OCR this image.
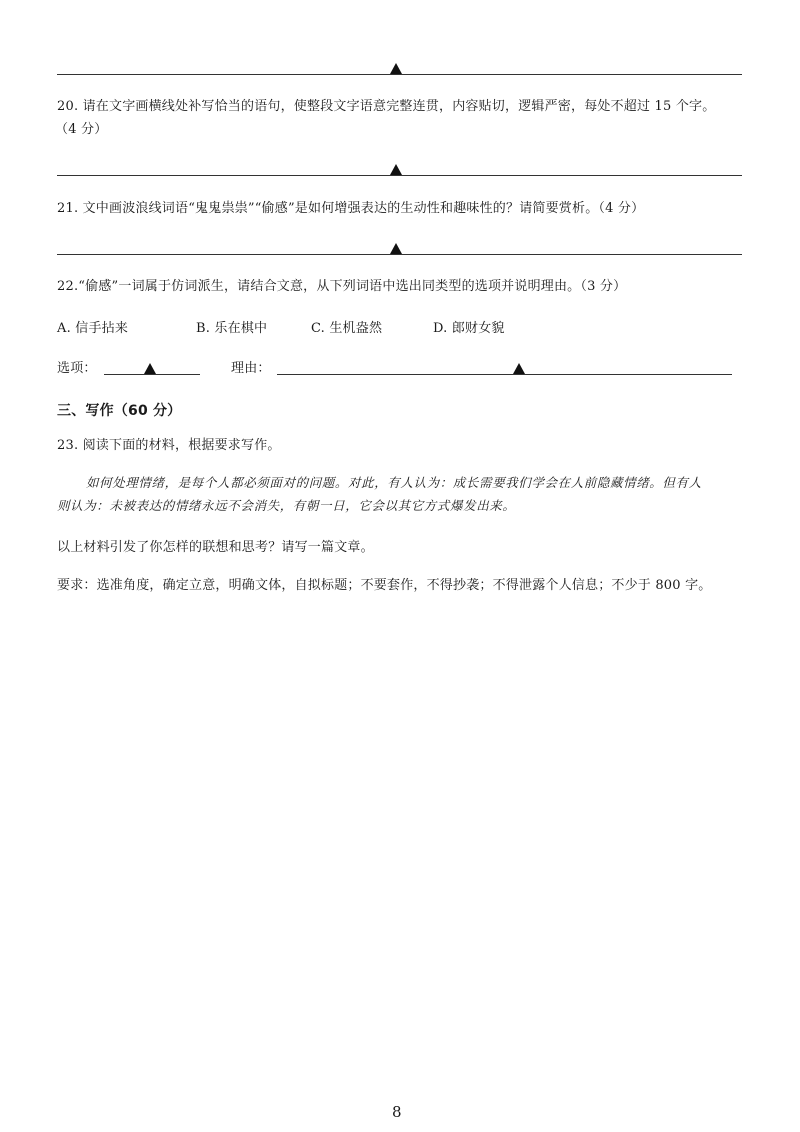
20. 请在文字画横线处补写恰当的语句，使整段文字语意完整连贯，内容贴切，逻辑严密，每处不超过 15 个字。
（4 分）
21. 文中画波浪线词语“鬼鬼祟祟”“偷感”是如何增强表达的生动性和趣味性的？请简要赏析。（4 分）
22.“偷感”一词属于仿词派生，请结合文意，从下列词语中选出同类型的选项并说明理由。（3 分）
A. 信手拈来	B. 乐在棋中	C. 生机盎然	D. 郎财女貌
选项：	理由：
三、写作（60 分）
23. 阅读下面的材料，根据要求写作。
如何处理情绪，是每个人都必须面对的问题。对此，有人认为：成长需要我们学会在人前隐藏情绪。但有人
则认为：未被表达的情绪永远不会消失，有朝一日，它会以其它方式爆发出来。
以上材料引发了你怎样的联想和思考？请写一篇文章。
要求：选准角度，确定立意，明确文体，自拟标题；不要套作，不得抄袭；不得泄露个人信息；不少于 800 字。
8
